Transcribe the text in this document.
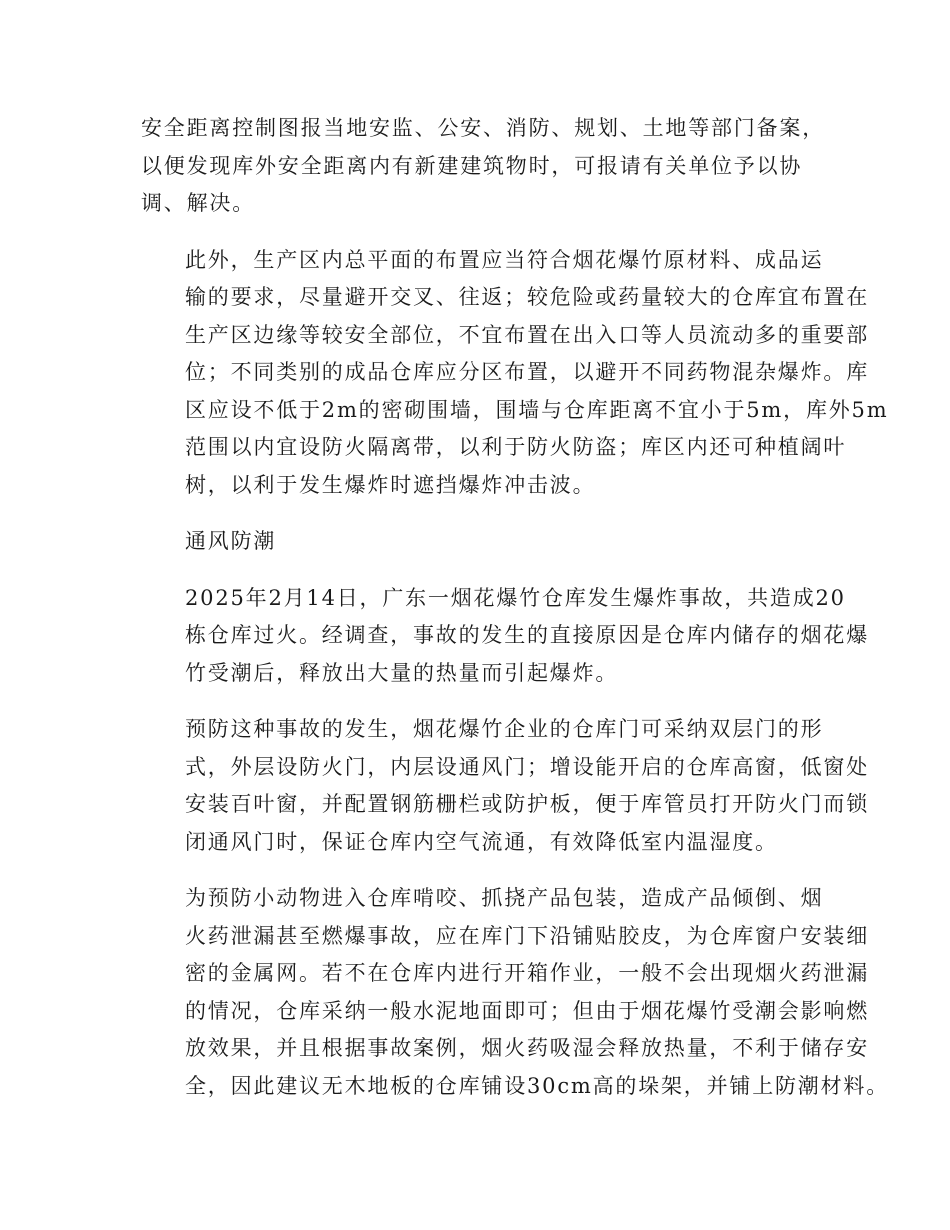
安全距离控制图报当地安监、公安、消防、规划、土地等部门备案，
以便发现库外安全距离内有新建建筑物时，可报请有关单位予以协
调、解决。
此外，生产区内总平面的布置应当符合烟花爆竹原材料、成品运
输的要求，尽量避开交叉、往返；较危险或药量较大的仓库宜布置在
生产区边缘等较安全部位，不宜布置在出入口等人员流动多的重要部
位；不同类别的成品仓库应分区布置，以避开不同药物混杂爆炸。库
区应设不低于2m的密砌围墙，围墙与仓库距离不宜小于5m，库外5m
范围以内宜设防火隔离带，以利于防火防盗；库区内还可种植阔叶
树，以利于发生爆炸时遮挡爆炸冲击波。
通风防潮
2025年2月14日，广东一烟花爆竹仓库发生爆炸事故，共造成20
栋仓库过火。经调查，事故的发生的直接原因是仓库内储存的烟花爆
竹受潮后，释放出大量的热量而引起爆炸。
预防这种事故的发生，烟花爆竹企业的仓库门可采纳双层门的形
式，外层设防火门，内层设通风门；增设能开启的仓库高窗，低窗处
安装百叶窗，并配置钢筋栅栏或防护板，便于库管员打开防火门而锁
闭通风门时，保证仓库内空气流通，有效降低室内温湿度。
为预防小动物进入仓库啃咬、抓挠产品包装，造成产品倾倒、烟
火药泄漏甚至燃爆事故，应在库门下沿铺贴胶皮，为仓库窗户安装细
密的金属网。若不在仓库内进行开箱作业，一般不会出现烟火药泄漏
的情况，仓库采纳一般水泥地面即可；但由于烟花爆竹受潮会影响燃
放效果，并且根据事故案例，烟火药吸湿会释放热量，不利于储存安
全，因此建议无木地板的仓库铺设30cm高的垛架，并铺上防潮材料。
